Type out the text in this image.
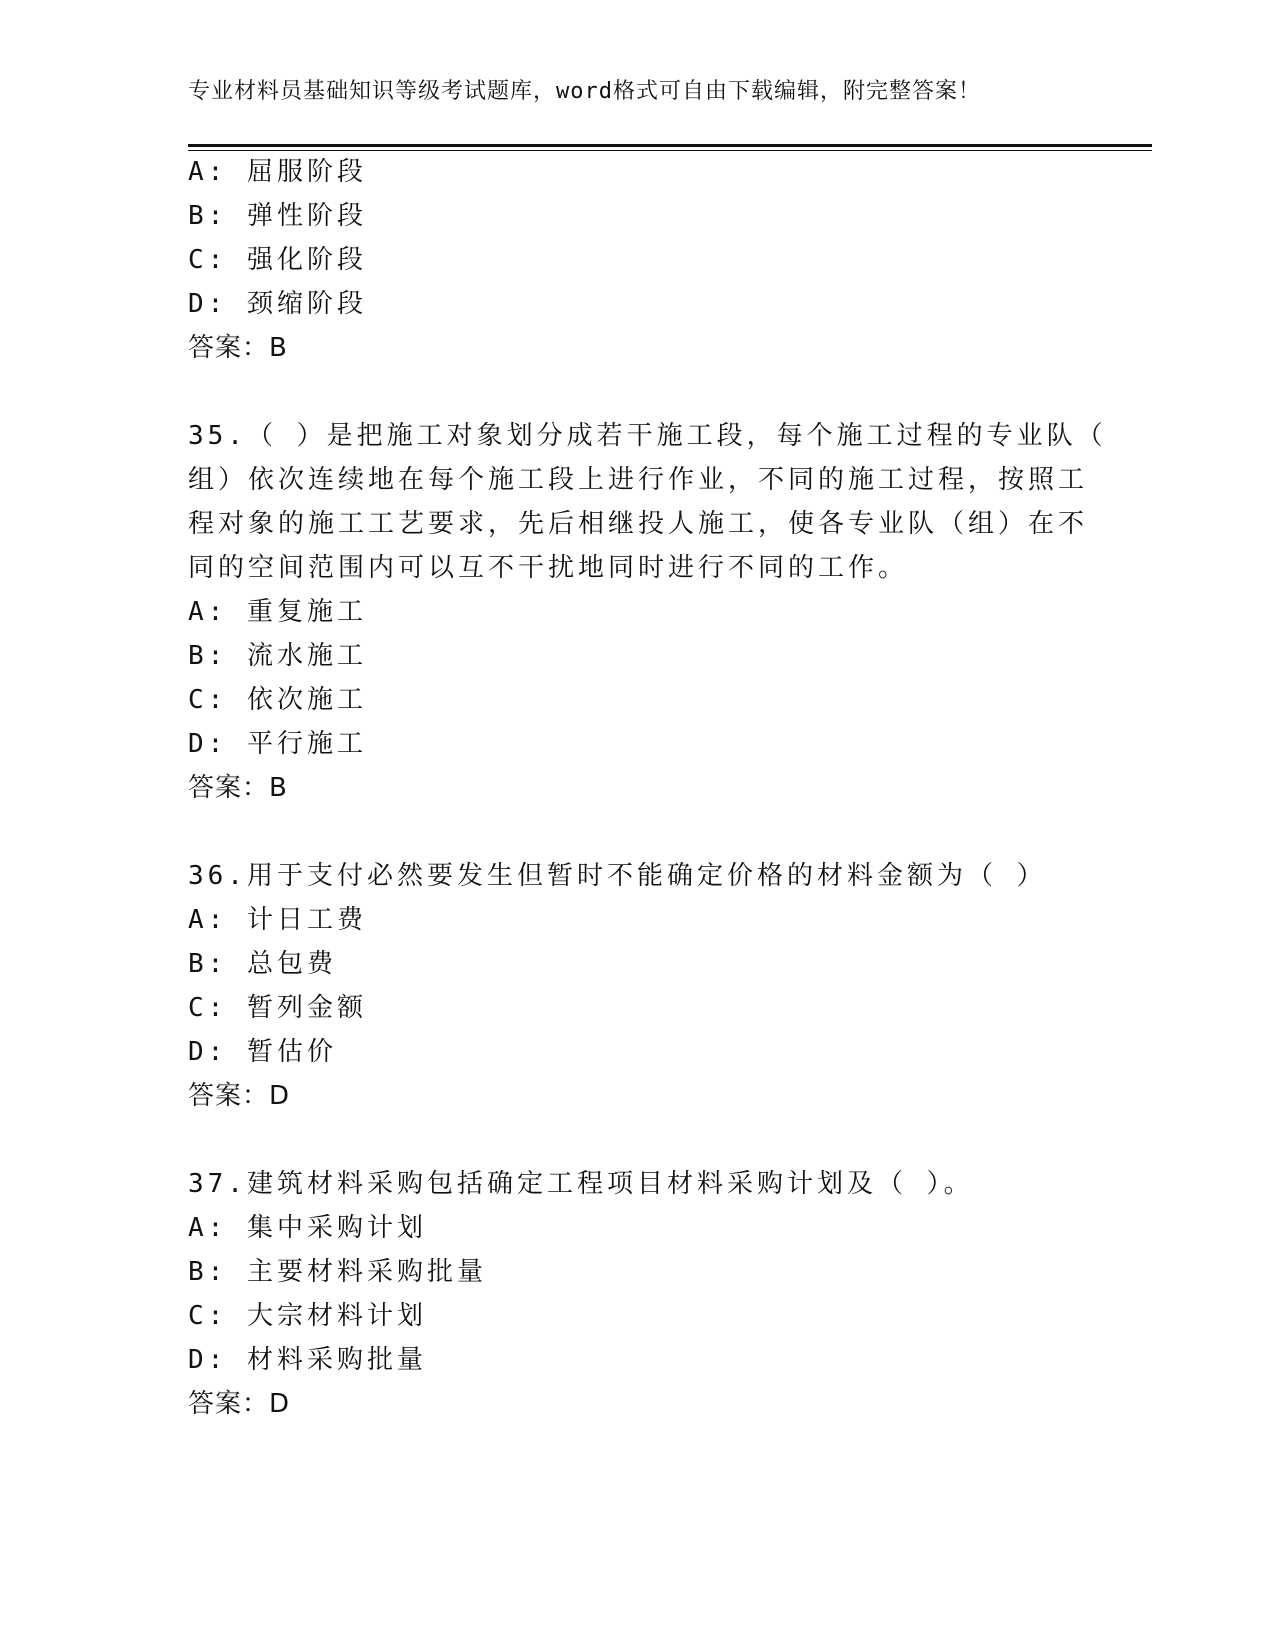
专业材料员基础知识等级考试题库，word格式可自由下载编辑，附完整答案！
A: 屈服阶段
B: 弹性阶段
C: 强化阶段
D: 颈缩阶段
答案：B
35.（ ）是把施工对象划分成若干施工段，每个施工过程的专业队（
组）依次连续地在每个施工段上进行作业，不同的施工过程，按照工
程对象的施工工艺要求，先后相继投人施工，使各专业队（组）在不
同的空间范围内可以互不干扰地同时进行不同的工作。
A: 重复施工
B: 流水施工
C: 依次施工
D: 平行施工
答案：B
36.用于支付必然要发生但暂时不能确定价格的材料金额为（ ）
A: 计日工费
B: 总包费
C: 暂列金额
D: 暂估价
答案：D
37.建筑材料采购包括确定工程项目材料采购计划及（ ）。
A: 集中采购计划
B: 主要材料采购批量
C: 大宗材料计划
D: 材料采购批量
答案：D
